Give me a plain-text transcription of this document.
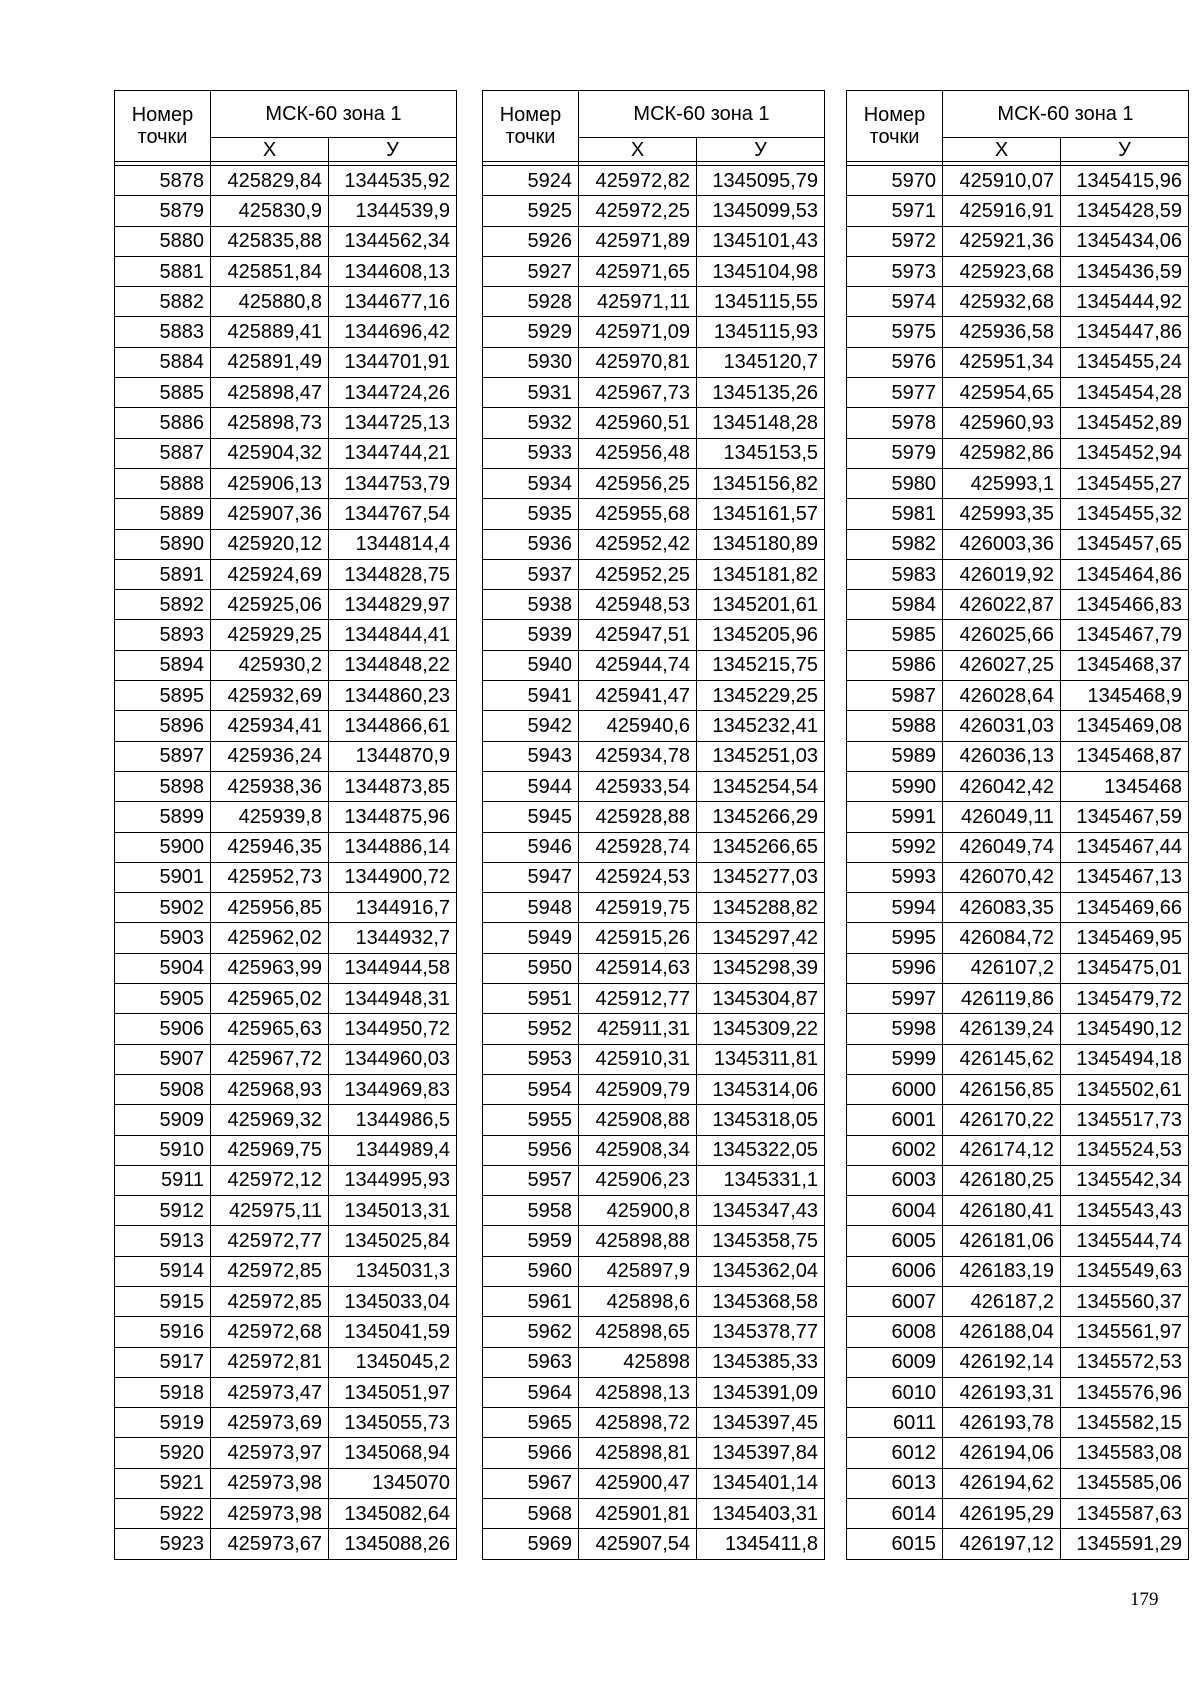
Номер точки	МСК-60 зона 1	
	Х	У

5878	425829,84	1344535,92
5879	425830,9	1344539,9
5880	425835,88	1344562,34
5881	425851,84	1344608,13
5882	425880,8	1344677,16
5883	425889,41	1344696,42
5884	425891,49	1344701,91
5885	425898,47	1344724,26
5886	425898,73	1344725,13
5887	425904,32	1344744,21
5888	425906,13	1344753,79
5889	425907,36	1344767,54
5890	425920,12	1344814,4
5891	425924,69	1344828,75
5892	425925,06	1344829,97
5893	425929,25	1344844,41
5894	425930,2	1344848,22
5895	425932,69	1344860,23
5896	425934,41	1344866,61
5897	425936,24	1344870,9
5898	425938,36	1344873,85
5899	425939,8	1344875,96
5900	425946,35	1344886,14
5901	425952,73	1344900,72
5902	425956,85	1344916,7
5903	425962,02	1344932,7
5904	425963,99	1344944,58
5905	425965,02	1344948,31
5906	425965,63	1344950,72
5907	425967,72	1344960,03
5908	425968,93	1344969,83
5909	425969,32	1344986,5
5910	425969,75	1344989,4
5911	425972,12	1344995,93
5912	425975,11	1345013,31
5913	425972,77	1345025,84
5914	425972,85	1345031,3
5915	425972,85	1345033,04
5916	425972,68	1345041,59
5917	425972,81	1345045,2
5918	425973,47	1345051,97
5919	425973,69	1345055,73
5920	425973,97	1345068,94
5921	425973,98	1345070
5922	425973,98	1345082,64
5923	425973,67	1345088,26
Номер точки	МСК-60 зона 1	
	Х	У

5924	425972,82	1345095,79
5925	425972,25	1345099,53
5926	425971,89	1345101,43
5927	425971,65	1345104,98
5928	425971,11	1345115,55
5929	425971,09	1345115,93
5930	425970,81	1345120,7
5931	425967,73	1345135,26
5932	425960,51	1345148,28
5933	425956,48	1345153,5
5934	425956,25	1345156,82
5935	425955,68	1345161,57
5936	425952,42	1345180,89
5937	425952,25	1345181,82
5938	425948,53	1345201,61
5939	425947,51	1345205,96
5940	425944,74	1345215,75
5941	425941,47	1345229,25
5942	425940,6	1345232,41
5943	425934,78	1345251,03
5944	425933,54	1345254,54
5945	425928,88	1345266,29
5946	425928,74	1345266,65
5947	425924,53	1345277,03
5948	425919,75	1345288,82
5949	425915,26	1345297,42
5950	425914,63	1345298,39
5951	425912,77	1345304,87
5952	425911,31	1345309,22
5953	425910,31	1345311,81
5954	425909,79	1345314,06
5955	425908,88	1345318,05
5956	425908,34	1345322,05
5957	425906,23	1345331,1
5958	425900,8	1345347,43
5959	425898,88	1345358,75
5960	425897,9	1345362,04
5961	425898,6	1345368,58
5962	425898,65	1345378,77
5963	425898	1345385,33
5964	425898,13	1345391,09
5965	425898,72	1345397,45
5966	425898,81	1345397,84
5967	425900,47	1345401,14
5968	425901,81	1345403,31
5969	425907,54	1345411,8
Номер точки	МСК-60 зона 1	
	Х	У

5970	425910,07	1345415,96
5971	425916,91	1345428,59
5972	425921,36	1345434,06
5973	425923,68	1345436,59
5974	425932,68	1345444,92
5975	425936,58	1345447,86
5976	425951,34	1345455,24
5977	425954,65	1345454,28
5978	425960,93	1345452,89
5979	425982,86	1345452,94
5980	425993,1	1345455,27
5981	425993,35	1345455,32
5982	426003,36	1345457,65
5983	426019,92	1345464,86
5984	426022,87	1345466,83
5985	426025,66	1345467,79
5986	426027,25	1345468,37
5987	426028,64	1345468,9
5988	426031,03	1345469,08
5989	426036,13	1345468,87
5990	426042,42	1345468
5991	426049,11	1345467,59
5992	426049,74	1345467,44
5993	426070,42	1345467,13
5994	426083,35	1345469,66
5995	426084,72	1345469,95
5996	426107,2	1345475,01
5997	426119,86	1345479,72
5998	426139,24	1345490,12
5999	426145,62	1345494,18
6000	426156,85	1345502,61
6001	426170,22	1345517,73
6002	426174,12	1345524,53
6003	426180,25	1345542,34
6004	426180,41	1345543,43
6005	426181,06	1345544,74
6006	426183,19	1345549,63
6007	426187,2	1345560,37
6008	426188,04	1345561,97
6009	426192,14	1345572,53
6010	426193,31	1345576,96
6011	426193,78	1345582,15
6012	426194,06	1345583,08
6013	426194,62	1345585,06
6014	426195,29	1345587,63
6015	426197,12	1345591,29
179
